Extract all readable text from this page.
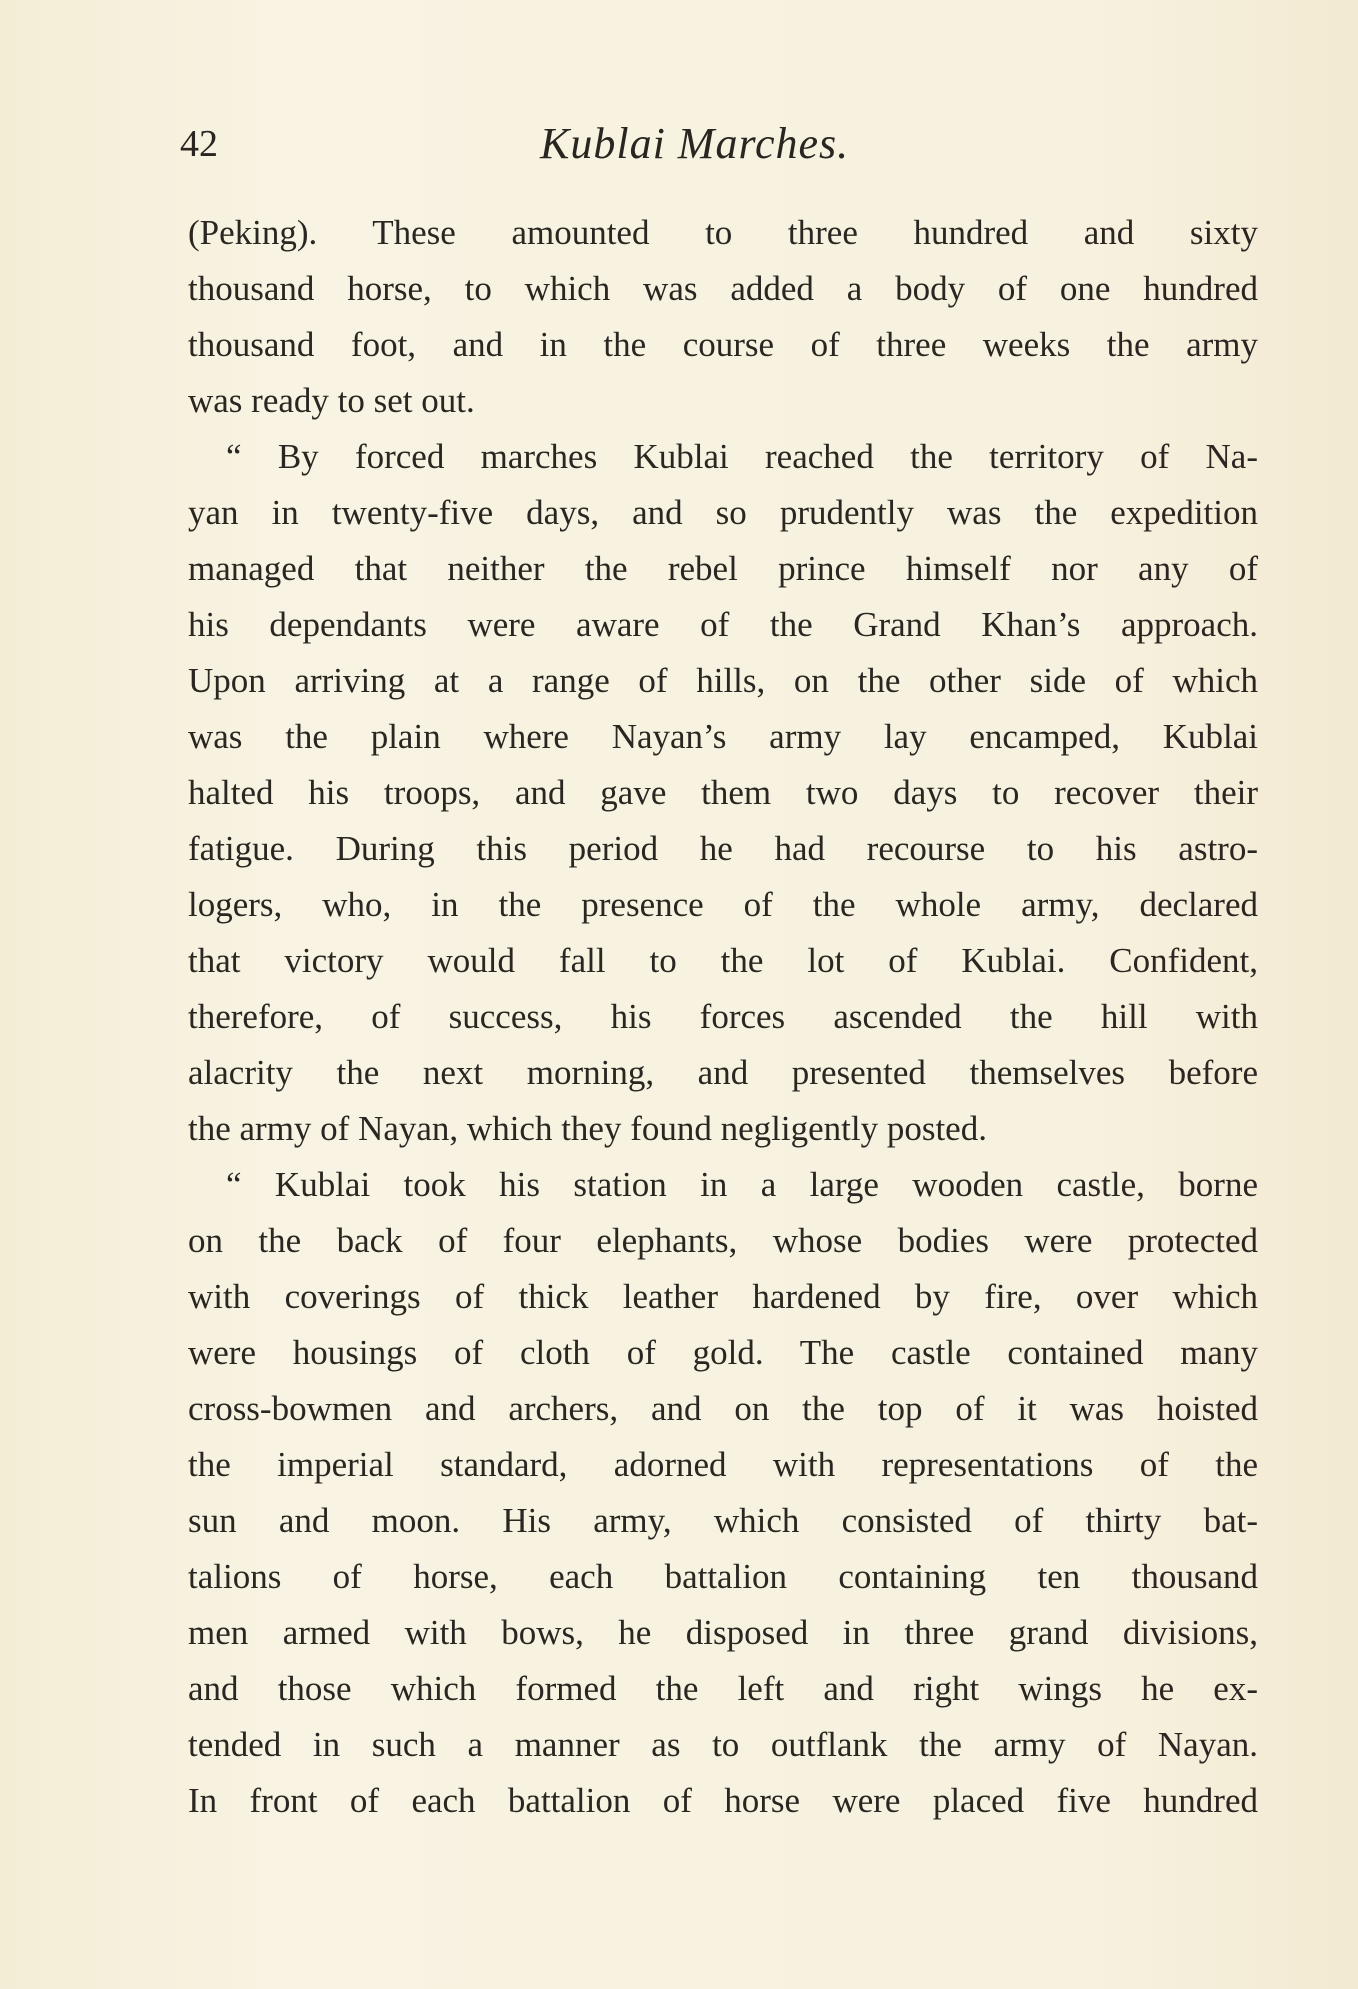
42	Kublai Marches.
(Peking). These amounted to three hundred and sixty
thousand horse, to which was added a body of one hundred
thousand foot, and in the course of three weeks the army
was ready to set out.
“ By forced marches Kublai reached the territory of Na-
yan in twenty-five days, and so prudently was the expedition
managed that neither the rebel prince himself nor any of
his dependants were aware of the Grand Khan’s approach.
Upon arriving at a range of hills, on the other side of which
was the plain where Nayan’s army lay encamped, Kublai
halted his troops, and gave them two days to recover their
fatigue. During this period he had recourse to his astro-
logers, who, in the presence of the whole army, declared
that victory would fall to the lot of Kublai. Confident,
therefore, of success, his forces ascended the hill with
alacrity the next morning, and presented themselves before
the army of Nayan, which they found negligently posted.
“ Kublai took his station in a large wooden castle, borne
on the back of four elephants, whose bodies were protected
with coverings of thick leather hardened by fire, over which
were housings of cloth of gold. The castle contained many
cross-bowmen and archers, and on the top of it was hoisted
the imperial standard, adorned with representations of the
sun and moon. His army, which consisted of thirty bat-
talions of horse, each battalion containing ten thousand
men armed with bows, he disposed in three grand divisions,
and those which formed the left and right wings he ex-
tended in such a manner as to outflank the army of Nayan.
In front of each battalion of horse were placed five hundred
